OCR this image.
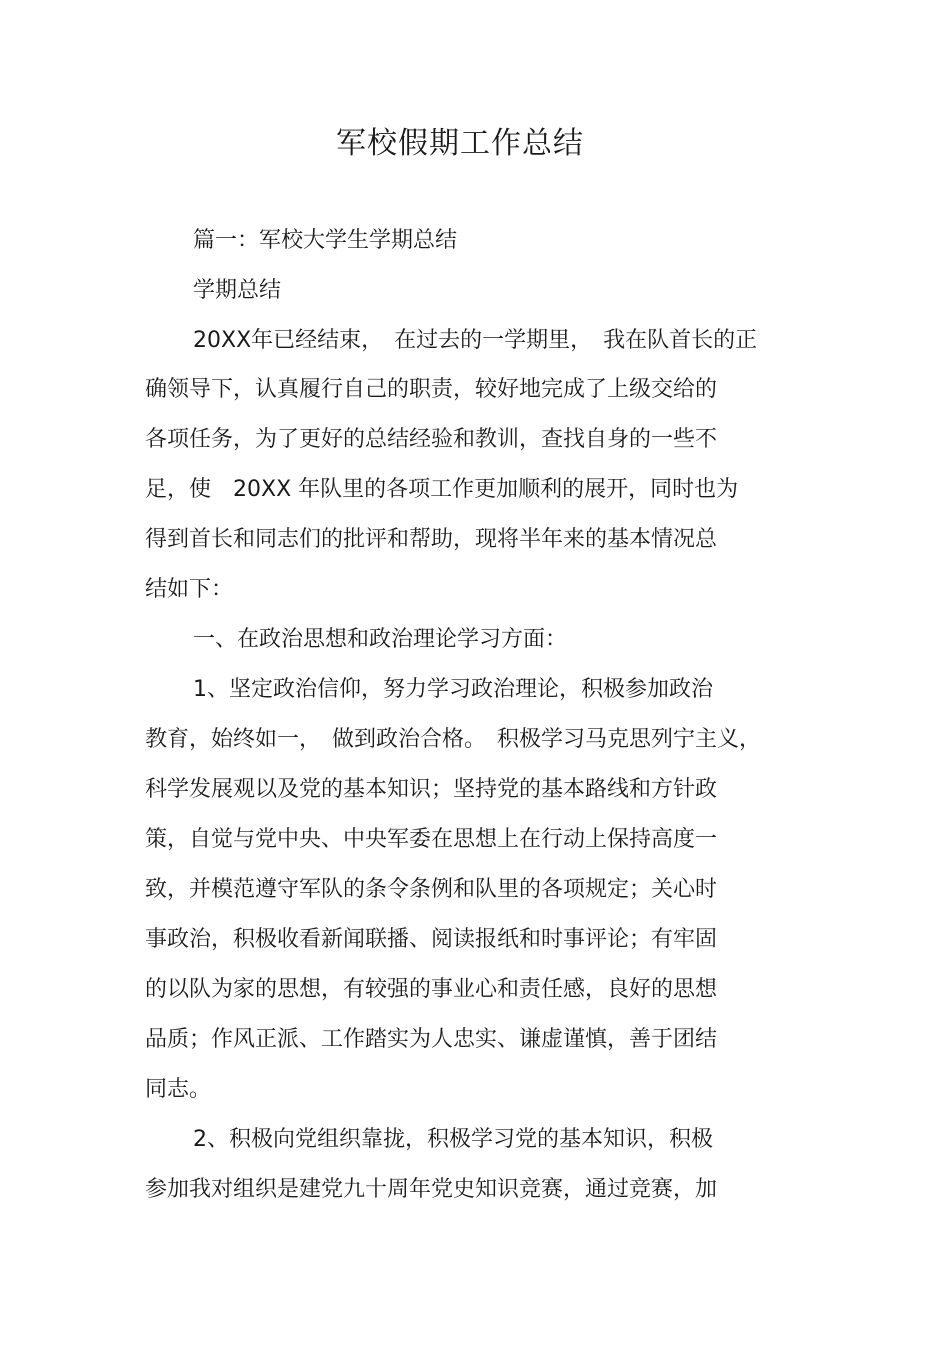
军校假期工作总结
篇一：军校大学生学期总结
学期总结
20XX年已经结束，　在过去的一学期里，　我在队首长的正
确领导下，认真履行自己的职责，较好地完成了上级交给的
各项任务，为了更好的总结经验和教训，查找自身的一些不
足，使　20XX 年队里的各项工作更加顺利的展开，同时也为
得到首长和同志们的批评和帮助，现将半年来的基本情况总
结如下：
一、在政治思想和政治理论学习方面：
1、坚定政治信仰，努力学习政治理论，积极参加政治
教育，始终如一，　做到政治合格。　积极学习马克思列宁主义，
科学发展观以及党的基本知识；坚持党的基本路线和方针政
策，自觉与党中央、中央军委在思想上在行动上保持高度一
致，并模范遵守军队的条令条例和队里的各项规定；关心时
事政治，积极收看新闻联播、阅读报纸和时事评论；有牢固
的以队为家的思想，有较强的事业心和责任感，良好的思想
品质；作风正派、工作踏实为人忠实、谦虚谨慎，善于团结
同志。
2、积极向党组织靠拢，积极学习党的基本知识，积极
参加我对组织是建党九十周年党史知识竞赛，通过竞赛，加
